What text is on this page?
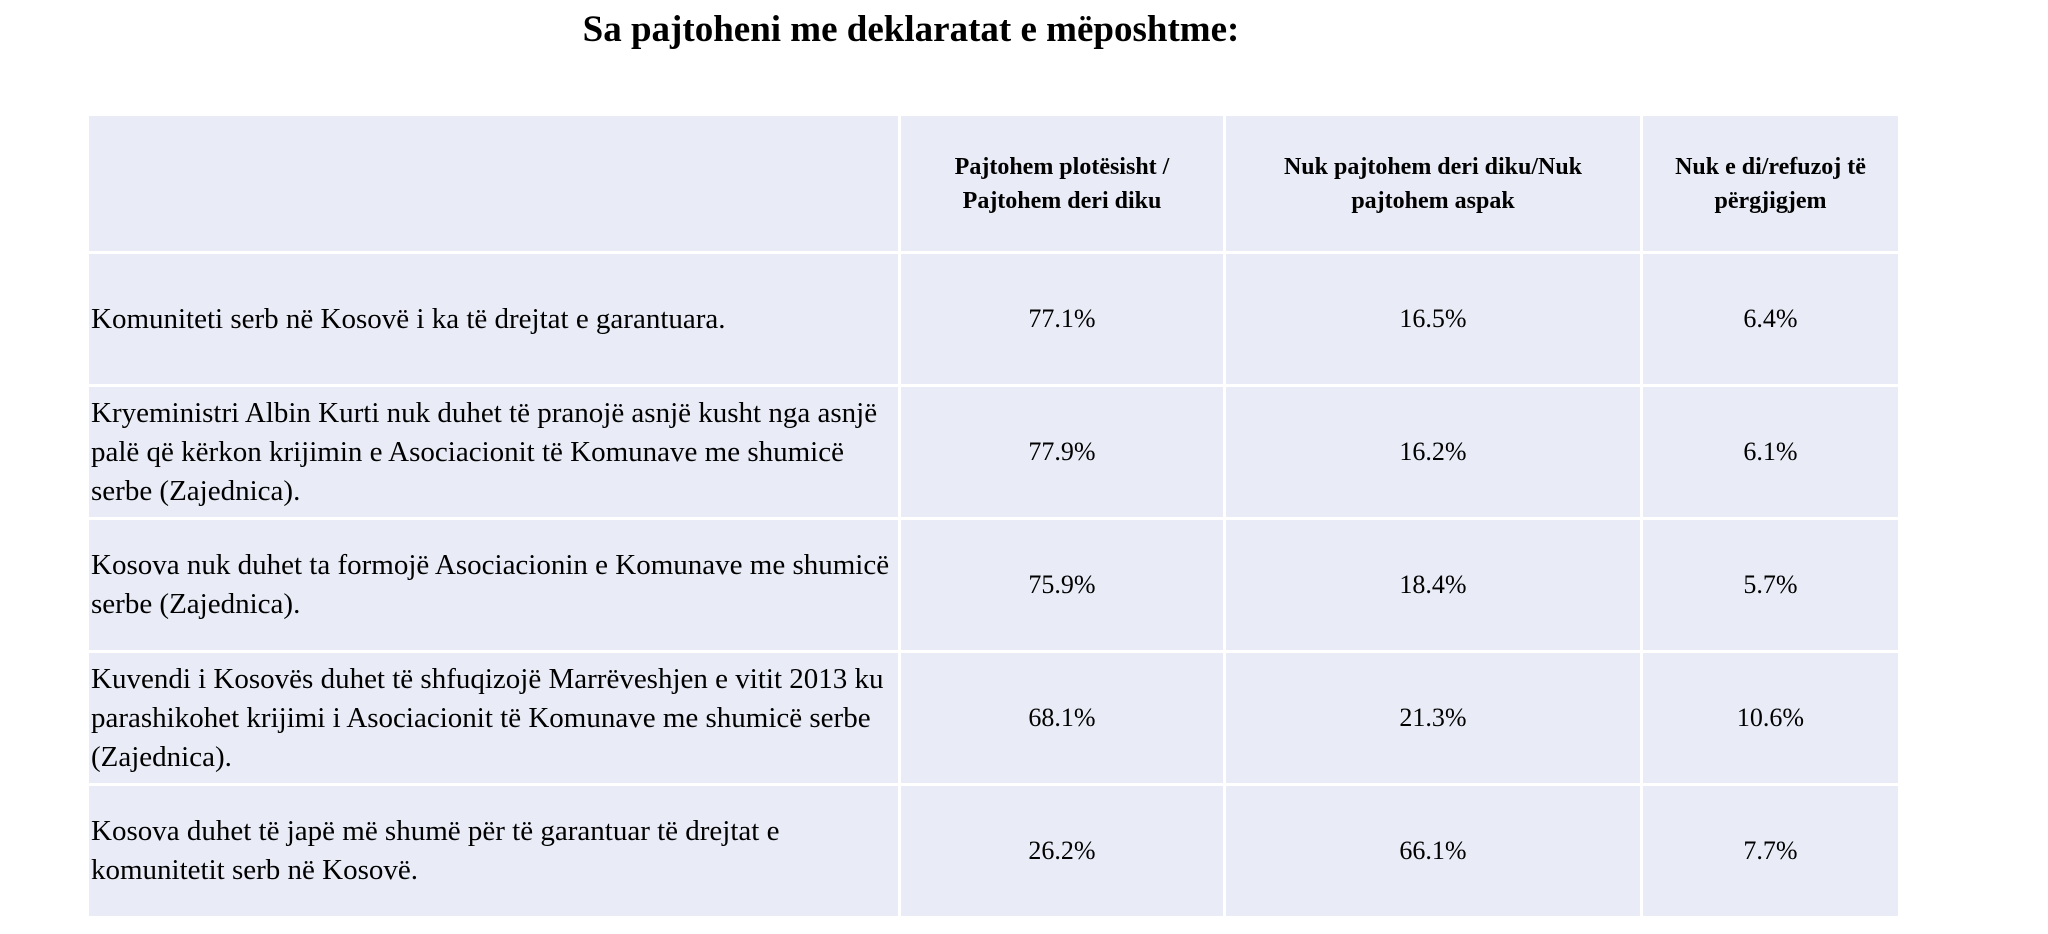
Sa pajtoheni me deklaratat e mëposhtme:
	Pajtohem plotësisht / Pajtohem deri diku	Nuk pajtohem deri diku/Nuk pajtohem aspak	Nuk e di/refuzoj të përgjigjem
Komuniteti serb në Kosovë i ka të drejtat e garantuara.	77.1%	16.5%	6.4%
Kryeministri Albin Kurti nuk duhet të pranojë asnjë kusht nga asnjë palë që kërkon krijimin e Asociacionit të Komunave me shumicë serbe (Zajednica).	77.9%	16.2%	6.1%
Kosova nuk duhet ta formojë Asociacionin e Komunave me shumicë serbe (Zajednica).	75.9%	18.4%	5.7%
Kuvendi i Kosovës duhet të shfuqizojë Marrëveshjen e vitit 2013 ku parashikohet krijimi i Asociacionit të Komunave me shumicë serbe (Zajednica).	68.1%	21.3%	10.6%
Kosova duhet të japë më shumë për të garantuar të drejtat e komunitetit serb në Kosovë.	26.2%	66.1%	7.7%
